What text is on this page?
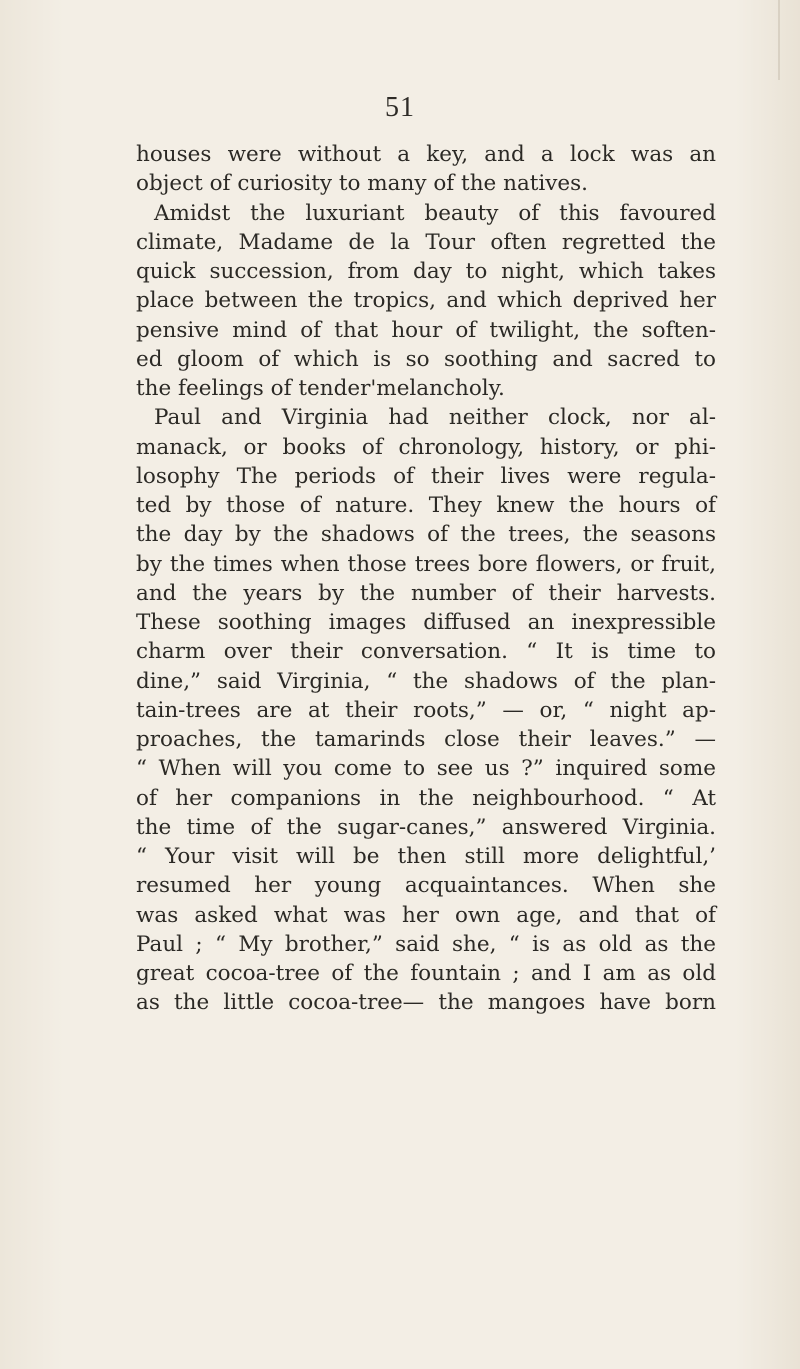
51
houses were without a key, and a lock was an
object of curiosity to many of the natives.
Amidst the luxuriant beauty of this favoured
climate, Madame de la Tour often regretted the
quick succession, from day to night, which takes
place between the tropics, and which deprived her
pensive mind of that hour of twilight, the soften-
ed gloom of which is so soothing and sacred to
the feelings of tender'melancholy.
Paul and Virginia had neither clock, nor al-
manack, or books of chronology, history, or phi-
losophy The periods of their lives were regula-
ted by those of nature. They knew the hours of
the day by the shadows of the trees, the seasons
by the times when those trees bore flowers, or fruit,
and the years by the number of their harvests.
These soothing images diffused an inexpressible
charm over their conversation. “ It is time to
dine,” said Virginia, “ the shadows of the plan-
tain-trees are at their roots,” — or, “ night ap-
proaches, the tamarinds close their leaves.” —
“ When will you come to see us ?” inquired some
of her companions in the neighbourhood. “ At
the time of the sugar-canes,” answered Virginia.
“ Your visit will be then still more delightful,’
resumed her young acquaintances. When she
was asked what was her own age, and that of
Paul ; “ My brother,” said she, “ is as old as the
great cocoa-tree of the fountain ; and I am as old
as the little cocoa-tree— the mangoes have born
